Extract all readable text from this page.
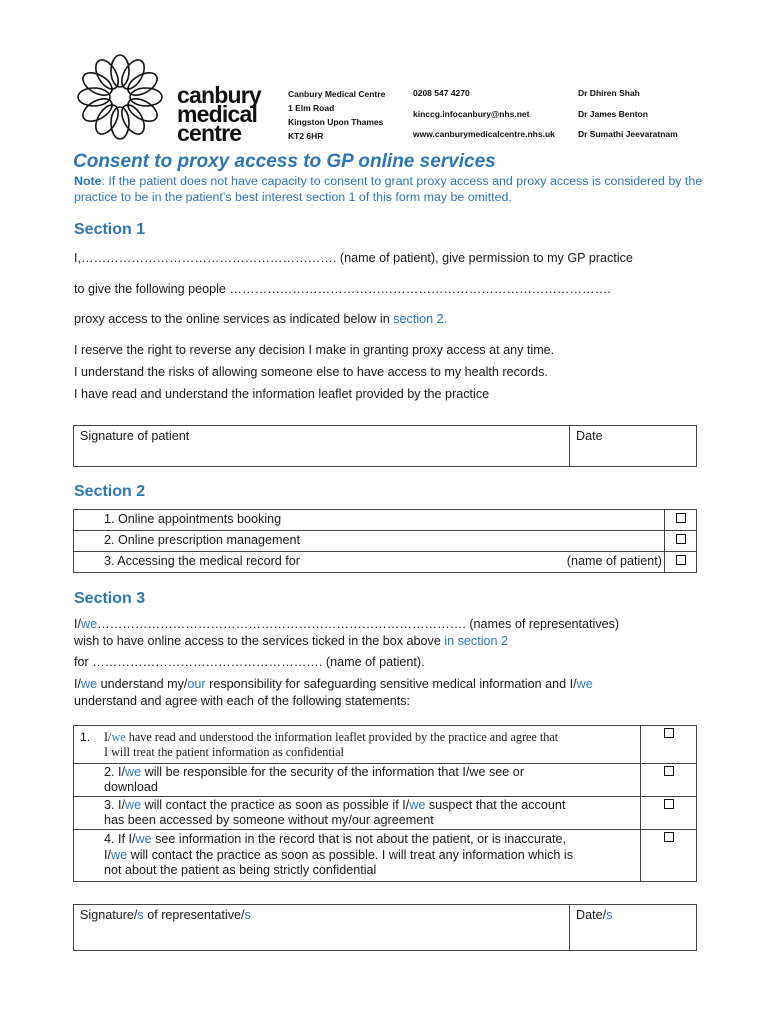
canbury
medical
centre
Canbury Medical Centre
1 Elm Road
Kingston Upon Thames
KT2 6HR
0208 547 4270
kinccg.infocanbury@nhs.net
www.canburymedicalcentre.nhs.uk
Dr Dhiren Shah
Dr James Benton
Dr Sumathi Jeevaratnam
Consent to proxy access to GP online services
Note: If the patient does not have capacity to consent to grant proxy access and proxy access is considered by the practice to be in the patient’s best interest section 1 of this form may be omitted.
Section 1
I,……………………………………………………. (name of patient), give permission to my GP practice
to give the following people ……………………………………………………………………………….
proxy access to the online services as indicated below in section 2.
I reserve the right to reverse any decision I make in granting proxy access at any time.
I understand the risks of allowing someone else to have access to my health records.
I have read and understand the information leaflet provided by the practice
Signature of patient	Date
Section 2
1. Online appointments booking	
2. Online prescription management	
3. Accessing the medical record for (name of patient)	

Section 3
I/we……………………………………………………………………………. (names of representatives)
wish to have online access to the services ticked in the box above in section 2
for ………………………………………………. (name of patient).
I/we understand my/our responsibility for safeguarding sensitive medical information and I/we
understand and agree with each of the following statements:
1. I/we have read and understood the information leaflet provided by the practice and agree that
I will treat the patient information as confidential	

2. I/we will be responsible for the security of the information that I/we see or
download	

3. I/we will contact the practice as soon as possible if I/we suspect that the account
has been accessed by someone without my/our agreement	

4. If I/we see information in the record that is not about the patient, or is inaccurate,
I/we will contact the practice as soon as possible. I will treat any information which is
not about the patient as being strictly confidential	

Signature/s of representative/s	Date/s
